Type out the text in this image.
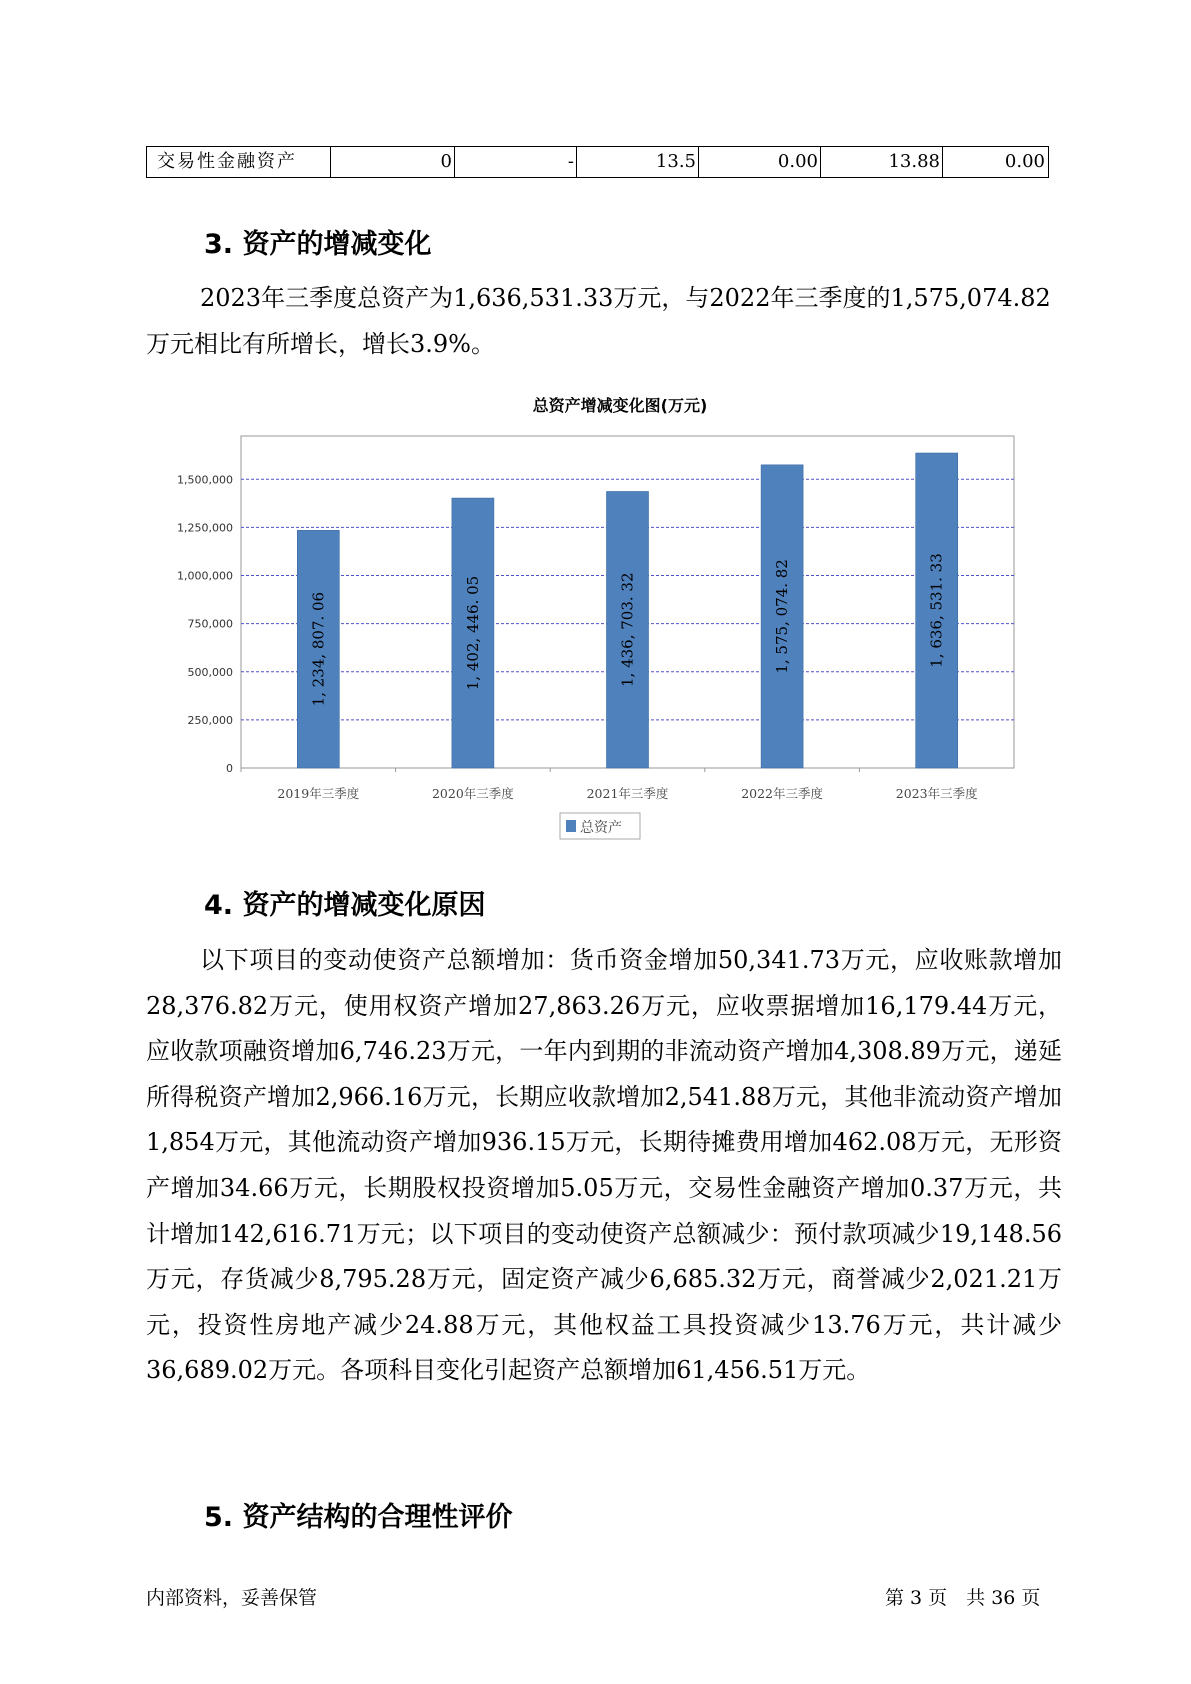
交易性金融资产	0	-	13.5	0.00	13.88	0.00
3. 资产的增减变化

2023年三季度总资产为1,636,531.33万元，与2022年三季度的1,575,074.82万元相比有所增长，增长3.9%。

总资产增减变化图(万元)
0
250,000
500,000
750,000
1,000,000
1,250,000
1,500,000
1, 234, 807. 06
2019年三季度
1, 402, 446. 05
2020年三季度
1, 436, 703. 32
2021年三季度
1, 575, 074. 82
2022年三季度
1, 636, 531. 33
2023年三季度
总资产
4. 资产的增减变化原因

以下项目的变动使资产总额增加：货币资金增加50,341.73万元，应收账款增加28,376.82万元，使用权资产增加27,863.26万元，应收票据增加16,179.44万元，应收款项融资增加6,746.23万元，一年内到期的非流动资产增加4,308.89万元，递延所得税资产增加2,966.16万元，长期应收款增加2,541.88万元，其他非流动资产增加1,854万元，其他流动资产增加936.15万元，长期待摊费用增加462.08万元，无形资产增加34.66万元，长期股权投资增加5.05万元，交易性金融资产增加0.37万元，共计增加142,616.71万元；以下项目的变动使资产总额减少：预付款项减少19,148.56万元，存货减少8,795.28万元，固定资产减少6,685.32万元，商誉减少2,021.21万元，投资性房地产减少24.88万元，其他权益工具投资减少13.76万元，共计减少36,689.02万元。各项科目变化引起资产总额增加61,456.51万元。

5. 资产结构的合理性评价
内部资料，妥善保管	第 3 页　共 36 页
